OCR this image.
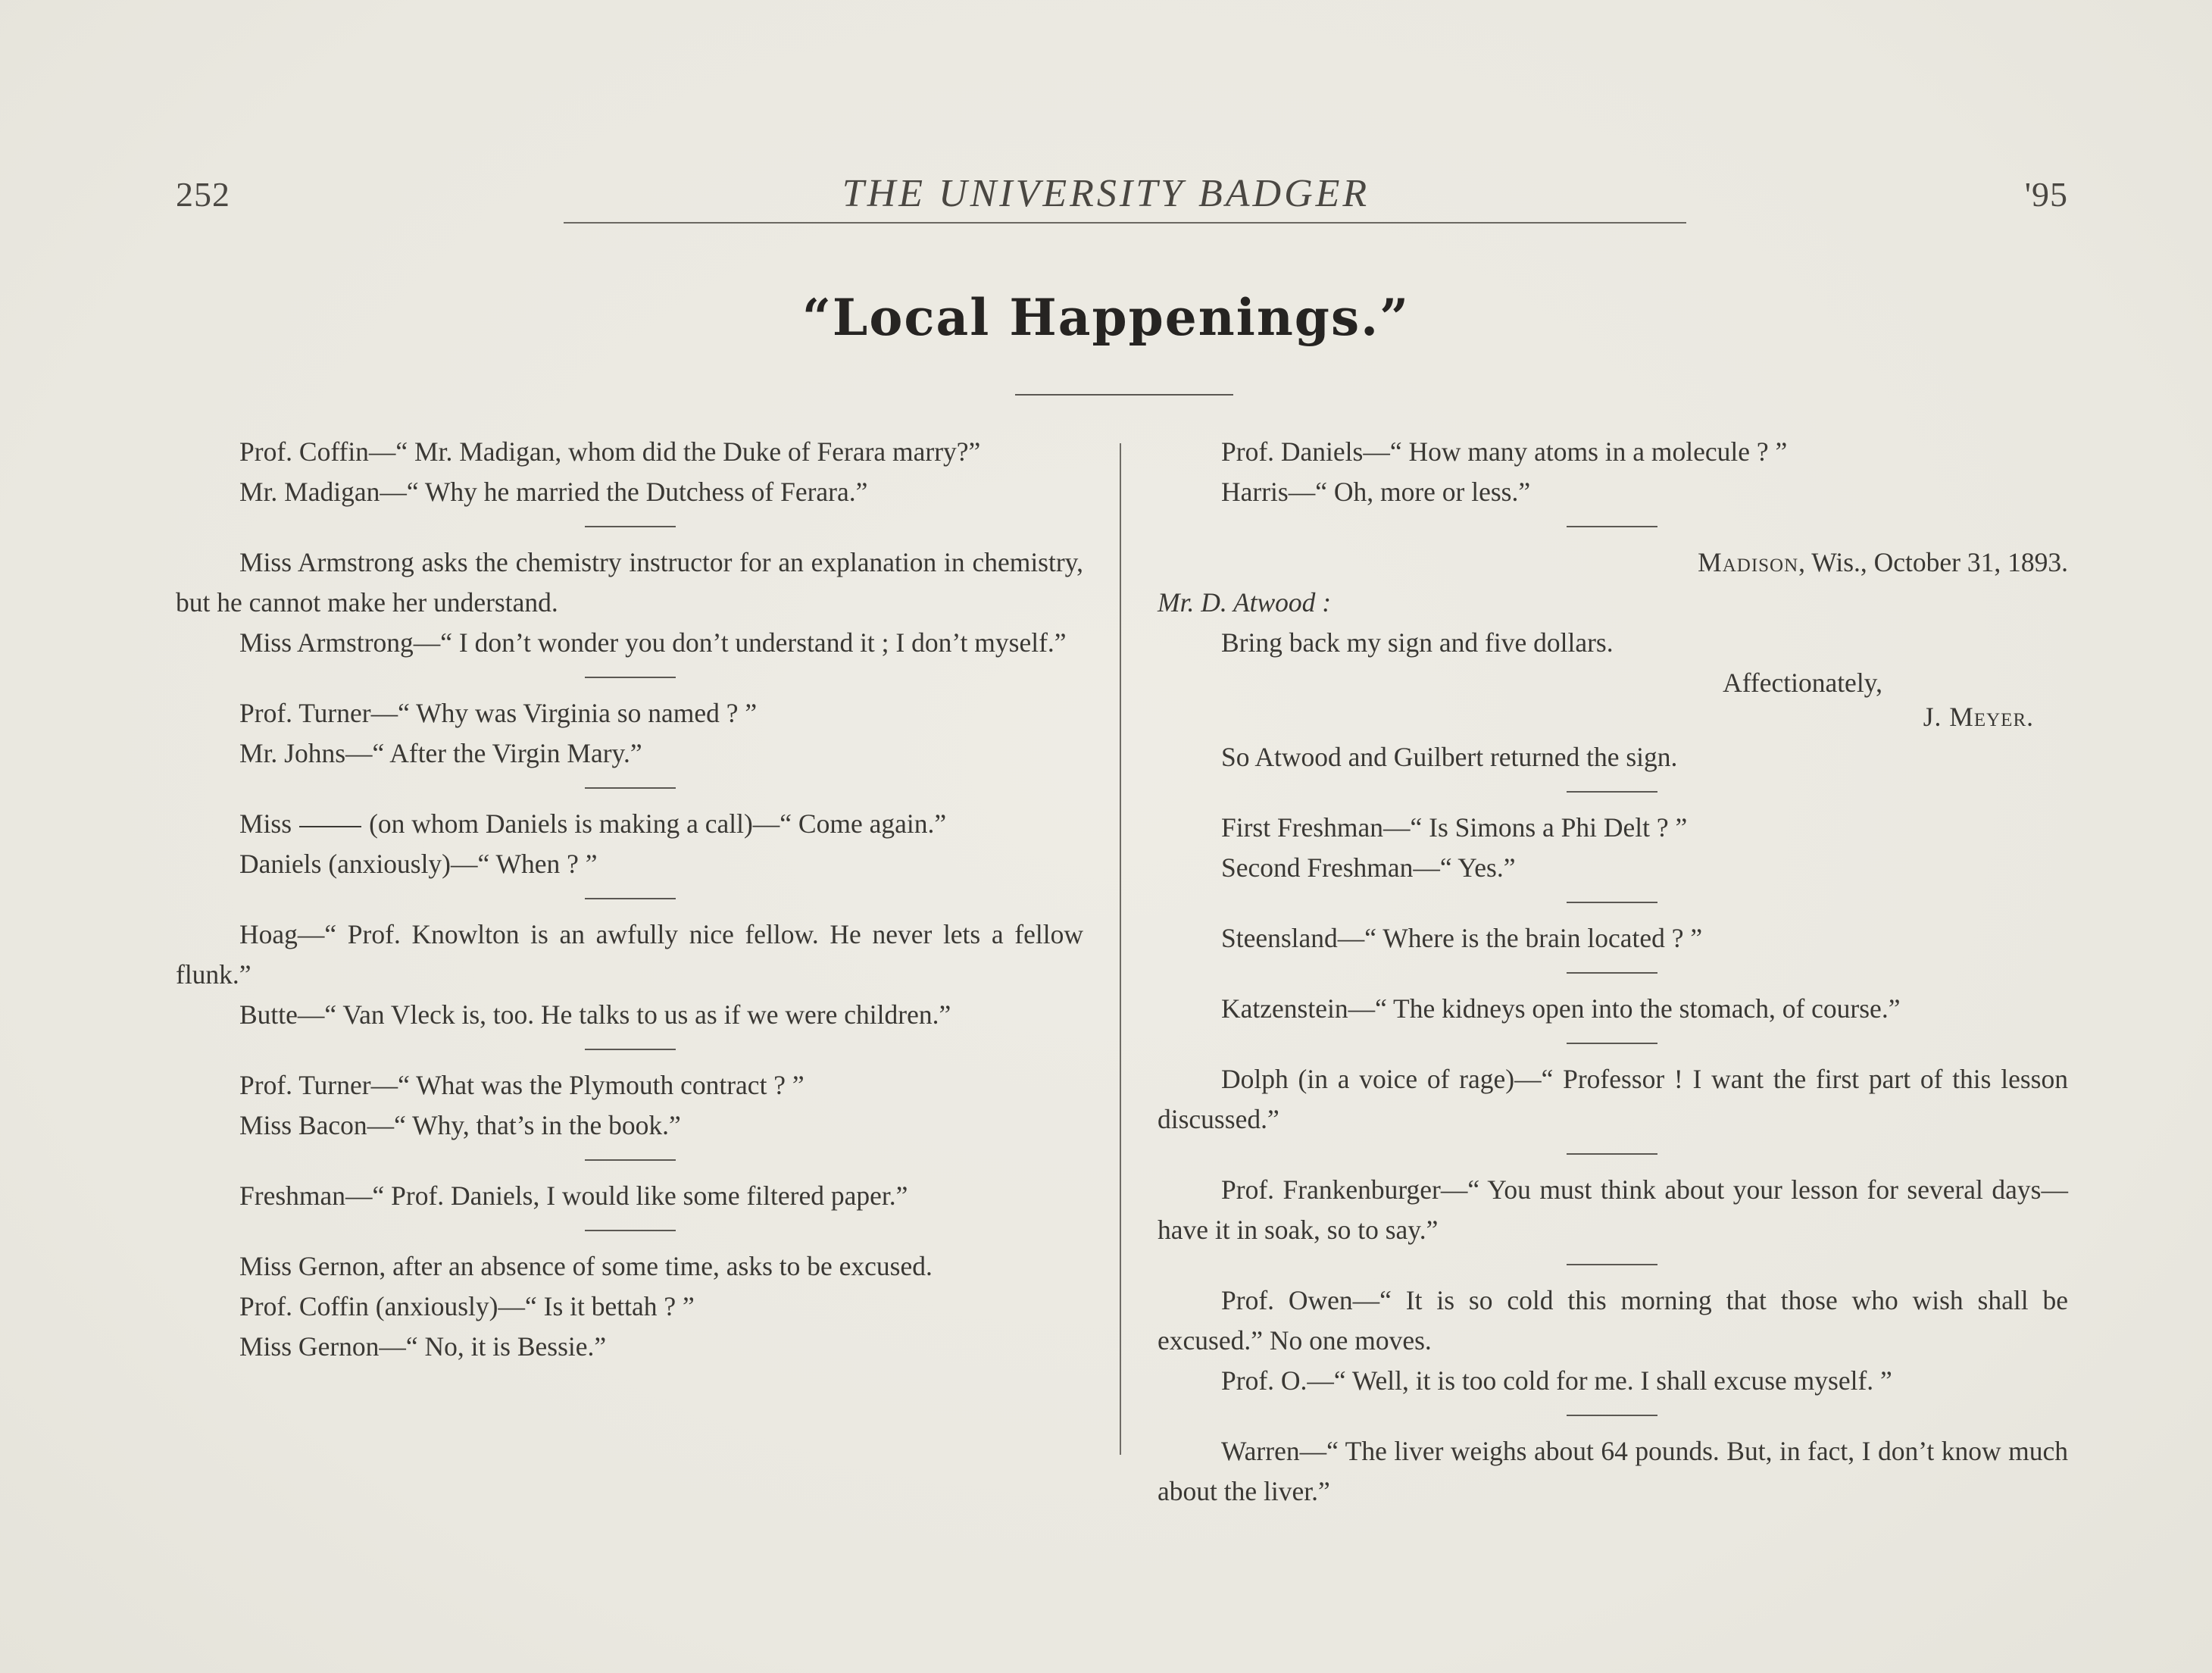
252	THE UNIVERSITY BADGER	'95
“Local Happenings.”

Prof. Coffin—“ Mr. Madigan, whom did the Duke of Ferara marry?”

Mr. Madigan—“ Why he married the Dutchess of Ferara.”

Miss Armstrong asks the chemistry instructor for an explanation in chemistry, but he cannot make her understand.

Miss Armstrong—“ I don’t wonder you don’t understand it ; I don’t myself.”

Prof. Turner—“ Why was Virginia so named ? ”

Mr. Johns—“ After the Virgin Mary.”

Miss	(on whom Daniels is making a call)—“ Come again.”

Daniels (anxiously)—“ When ? ”

Hoag—“ Prof. Knowlton is an awfully nice fellow. He never lets a fellow flunk.”

Butte—“ Van Vleck is, too. He talks to us as if we were children.”

Prof. Turner—“ What was the Plymouth contract ? ”

Miss Bacon—“ Why, that’s in the book.”

Freshman—“ Prof. Daniels, I would like some filtered paper.”

Miss Gernon, after an absence of some time, asks to be excused.

Prof. Coffin (anxiously)—“ Is it bettah ? ”

Miss Gernon—“ No, it is Bessie.”

Prof. Daniels—“ How many atoms in a molecule ? ”

Harris—“ Oh, more or less.”

Madison, Wis., October 31, 1893.

Mr. D. Atwood :

Bring back my sign and five dollars.

Affectionately,
J. Meyer.

So Atwood and Guilbert returned the sign.

First Freshman—“ Is Simons a Phi Delt ? ”

Second Freshman—“ Yes.”

Steensland—“ Where is the brain located ? ”

Katzenstein—“ The kidneys open into the stomach, of course.”

Dolph (in a voice of rage)—“ Professor ! I want the first part of this lesson discussed.”

Prof. Frankenburger—“ You must think about your lesson for several days—have it in soak, so to say.”

Prof. Owen—“ It is so cold this morning that those who wish shall be excused.” No one moves.

Prof. O.—“ Well, it is too cold for me. I shall excuse myself. ”

Warren—“ The liver weighs about 64 pounds. But, in fact, I don’t know much about the liver.”
